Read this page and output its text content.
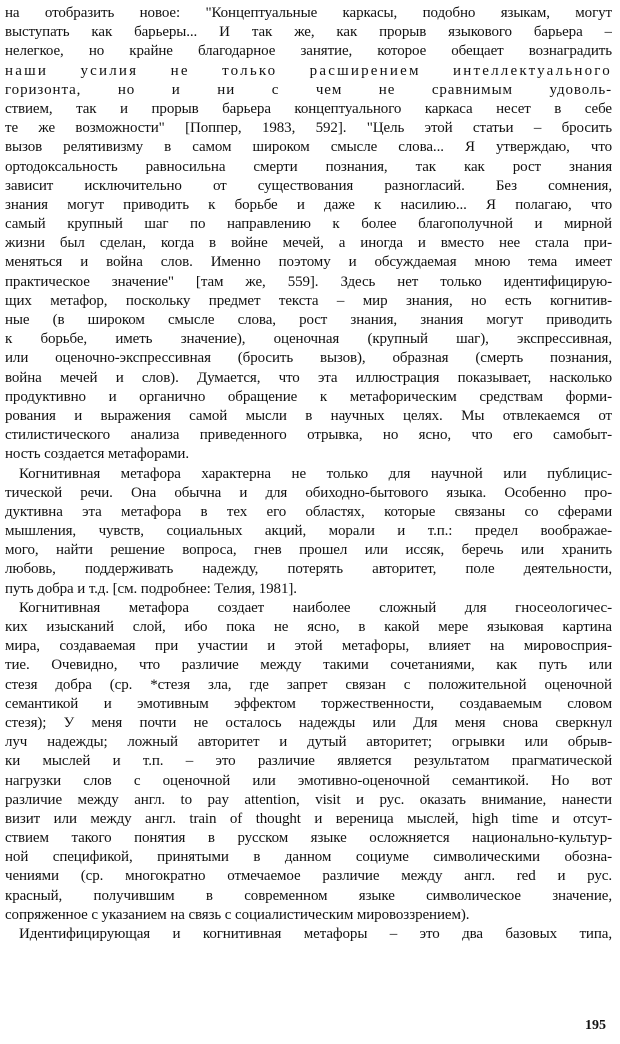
на отобразить новое: "Концептуальные каркасы, подобно языкам, могут
выступать как барьеры... И так же, как прорыв языкового барьера –
нелегкое, но крайне благодарное занятие, которое обещает вознаградить
наши усилия не только расширением интеллектуального
горизонта, но и ни с чем не сравнимым удоволь-
ствием, так и прорыв барьера концептуального каркаса несет в себе
те же возможности" [Поппер, 1983, 592]. "Цель этой статьи – бросить
вызов релятивизму в самом широком смысле слова... Я утверждаю, что
ортодоксальность равносильна смерти познания, так как рост знания
зависит исключительно от существования разногласий. Без сомнения,
знания могут приводить к борьбе и даже к насилию... Я полагаю, что
самый крупный шаг по направлению к более благополучной и мирной
жизни был сделан, когда в войне мечей, а иногда и вместо нее стала при-
меняться и война слов. Именно поэтому и обсуждаемая мною тема имеет
практическое значение" [там же, 559]. Здесь нет только идентифицирую-
щих метафор, поскольку предмет текста – мир знания, но есть когнитив-
ные (в широком смысле слова, рост знания, знания могут приводить
к борьбе, иметь значение), оценочная (крупный шаг), экспрессивная,
или оценочно-экспрессивная (бросить вызов), образная (смерть познания,
война мечей и слов). Думается, что эта иллюстрация показывает, насколько
продуктивно и органично обращение к метафорическим средствам форми-
рования и выражения самой мысли в научных целях. Мы отвлекаемся от
стилистического анализа приведенного отрывка, но ясно, что его самобыт-
ность создается метафорами.
Когнитивная метафора характерна не только для научной или публицис-
тической речи. Она обычна и для обиходно-бытового языка. Особенно про-
дуктивна эта метафора в тех его областях, которые связаны со сферами
мышления, чувств, социальных акций, морали и т.п.: предел воображае-
мого, найти решение вопроса, гнев прошел или иссяк, беречь или хранить
любовь, поддерживать надежду, потерять авторитет, поле деятельности,
путь добра и т.д. [см. подробнее: Телия, 1981].
Когнитивная метафора создает наиболее сложный для гносеологичес-
ких изысканий слой, ибо пока не ясно, в какой мере языковая картина
мира, создаваемая при участии и этой метафоры, влияет на мировосприя-
тие. Очевидно, что различие между такими сочетаниями, как путь или
стезя добра (ср. *стезя зла, где запрет связан с положительной оценочной
семантикой и эмотивным эффектом торжественности, создаваемым словом
стезя); У меня почти не осталось надежды или Для меня снова сверкнул
луч надежды; ложный авторитет и дутый авторитет; огрывки или обрыв-
ки мыслей и т.п. – это различие является результатом прагматической
нагрузки слов с оценочной или эмотивно-оценочной семантикой. Но вот
различие между англ. to pay attention, visit и рус. оказать внимание, нанести
визит или между англ. train of thought и вереница мыслей, high time и отсут-
ствием такого понятия в русском языке осложняется национально-культур-
ной спецификой, принятыми в данном социуме символическими обозна-
чениями (ср. многократно отмечаемое различие между англ. red и рус.
красный, получившим в современном языке символическое значение,
сопряженное с указанием на связь с социалистическим мировоззрением).
Идентифицирующая и когнитивная метафоры – это два базовых типа,
195
